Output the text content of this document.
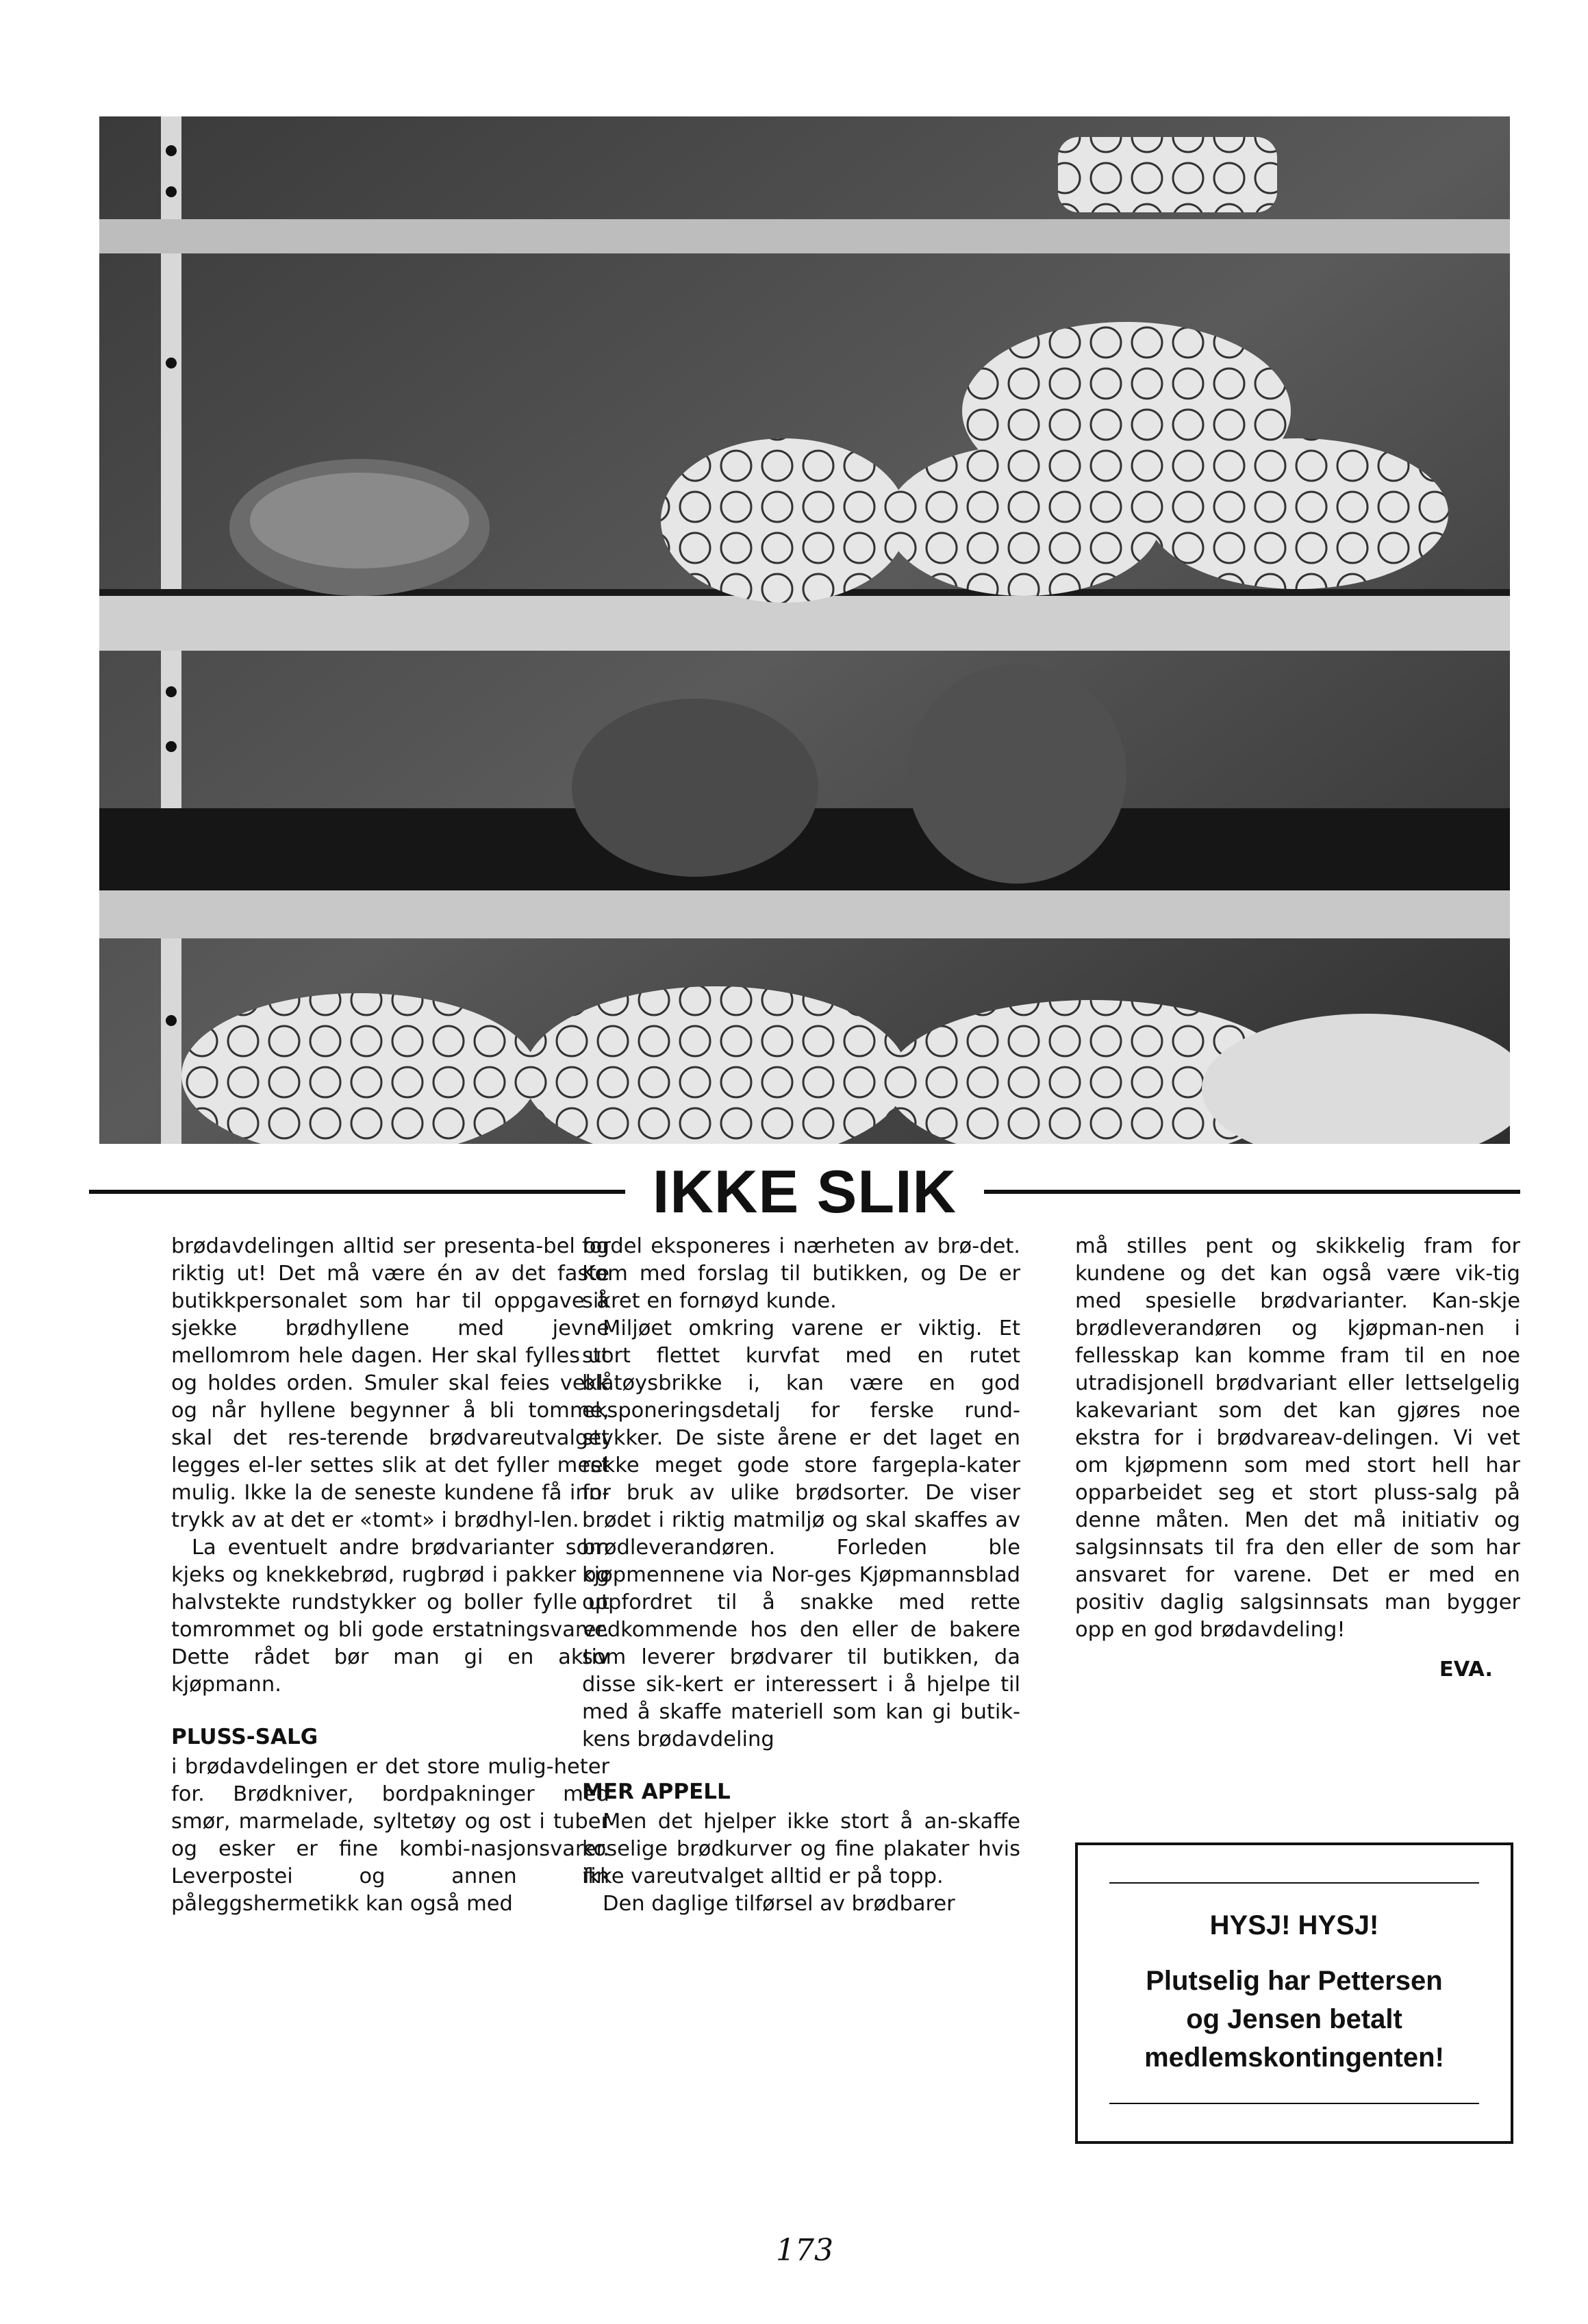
IKKE SLIK

brødavdelingen alltid ser presenta-bel og riktig ut! Det må være én av det faste butikkpersonalet som har til oppgave å sjekke brødhyllene med jevne mellomrom hele dagen. Her skal fylles ut og holdes orden. Smuler skal feies vekk og når hyllene begynner å bli tomme, skal det res-terende brødvareutvalget legges el-ler settes slik at det fyller mest mulig. Ikke la de seneste kundene få inn-trykk av at det er «tomt» i brødhyl-len.

La eventuelt andre brødvarianter som kjeks og knekkebrød, rugbrød i pakker og halvstekte rundstykker og boller fylle ut tomrommet og bli gode erstatningsvarer. Dette rådet bør man gi en aktiv kjøpmann.

PLUSS-SALG

i brødavdelingen er det store mulig-heter for. Brødkniver, bordpakninger med smør, marmelade, syltetøy og ost i tuber og esker er fine kombi-nasjonsvarer. Leverpostei og annen fin påleggshermetikk kan også med

fordel eksponeres i nærheten av brø-det. Kom med forslag til butikken, og De er sikret en fornøyd kunde.

Miljøet omkring varene er viktig. Et stort flettet kurvfat med en rutet blåtøysbrikke i, kan være en god eksponeringsdetalj for ferske rund-stykker. De siste årene er det laget en rekke meget gode store fargepla-kater for bruk av ulike brødsorter. De viser brødet i riktig matmiljø og skal skaffes av brødleverandøren. Forleden ble kjøpmennene via Nor-ges Kjøpmannsblad oppfordret til å snakke med rette vedkommende hos den eller de bakere som leverer brødvarer til butikken, da disse sik-kert er interessert i å hjelpe til med å skaffe materiell som kan gi butik-kens brødavdeling

MER APPELL

Men det hjelper ikke stort å an-skaffe koselige brødkurver og fine plakater hvis ikke vareutvalget alltid er på topp.

Den daglige tilførsel av brødbarer

må stilles pent og skikkelig fram for kundene og det kan også være vik-tig med spesielle brødvarianter. Kan-skje brødleverandøren og kjøpman-nen i fellesskap kan komme fram til en noe utradisjonell brødvariant eller lettselgelig kakevariant som det kan gjøres noe ekstra for i brødvareav-delingen. Vi vet om kjøpmenn som med stort hell har opparbeidet seg et stort pluss-salg på denne måten. Men det må initiativ og salgsinnsats til fra den eller de som har ansvaret for varene. Det er med en positiv daglig salgsinnsats man bygger opp en god brødavdeling!

EVA.
HYSJ! HYSJ!
Plutselig har Pettersen
og Jensen betalt
medlemskontingenten!
173
